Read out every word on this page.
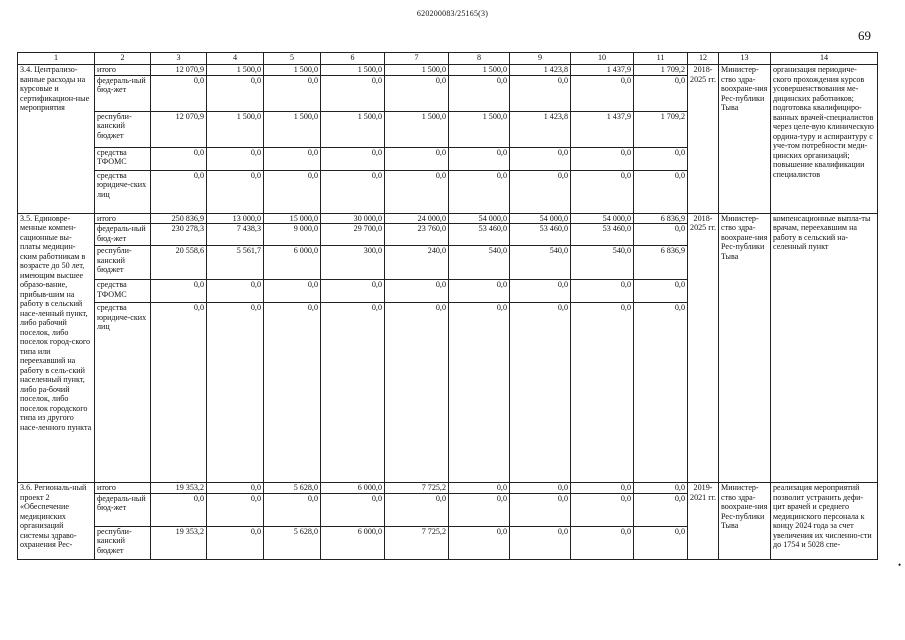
620200083/25165(3)
69
1	2	3	4	5	6	7	8	9	10	11	12	13	14
3.4. Централизо-ванные расходы на курсовые и сертификацион-ные мероприятия	итого	12 070,9	1 500,0	1 500,0	1 500,0	1 500,0	1 500,0	1 423,8	1 437,9	1 709,2	2018-2025 гг.	Министер-ство здра-воохране-ния Рес-публики Тыва	организация периодиче-ского прохождения курсов усовершенствования ме-дицинских работников; подготовка квалифициро-ванных врачей-специалистов через целе-вую клиническую ордина-туру и аспирантуру с уче-том потребности меди-цинских организаций; повышение квалификации специалистов
	федераль-ный бюд-жет	0,0	0,0	0,0	0,0	0,0	0,0	0,0	0,0	0,0			
	республи-канский бюджет	12 070,9	1 500,0	1 500,0	1 500,0	1 500,0	1 500,0	1 423,8	1 437,9	1 709,2			
	средства ТФОМС	0,0	0,0	0,0	0,0	0,0	0,0	0,0	0,0	0,0			
	средства юридиче-ских лиц	0,0	0,0	0,0	0,0	0,0	0,0	0,0	0,0	0,0			
3.5. Единовре-менные компен-сационные вы-платы медицин-ским работникам в возрасте до 50 лет, имеющим высшее образо-вание, прибыв-шим на работу в сельский насе-ленный пункт, либо рабочий поселок, либо поселок город-ского типа или переехавший на работу в сель-ский населенный пункт, либо ра-бочий поселок, либо поселок городского типа из другого насе-ленного пункта	итого	250 836,9	13 000,0	15 000,0	30 000,0	24 000,0	54 000,0	54 000,0	54 000,0	6 836,9	2018-2025 гг.	Министер-ство здра-воохране-ния Рес-публики Тыва	компенсационные выпла-ты врачам, переехавшим на работу в сельский на-селенный пункт
	федераль-ный бюд-жет	230 278,3	7 438,3	9 000,0	29 700,0	23 760,0	53 460,0	53 460,0	53 460,0	0,0			
	республи-канский бюджет	20 558,6	5 561,7	6 000,0	300,0	240,0	540,0	540,0	540,0	6 836,9			
	средства ТФОМС	0,0	0,0	0,0	0,0	0,0	0,0	0,0	0,0	0,0			
	средства юридиче-ских лиц	0,0	0,0	0,0	0,0	0,0	0,0	0,0	0,0	0,0			
3.6. Региональ-ный проект 2 «Обеспечение медицинских организаций системы здраво-охранения Рес-	итого	19 353,2	0,0	5 628,0	6 000,0	7 725,2	0,0	0,0	0,0	0,0	2019-2021 гг.	Министер-ство здра-воохране-ния Рес-публики Тыва	реализация мероприятий позволит устранить дефи-цит врачей и среднего медицинского персонала к концу 2024 года за счет увеличения их численно-сти до 1754 и 5028 спе-
	федераль-ный бюд-жет	0,0	0,0	0,0	0,0	0,0	0,0	0,0	0,0	0,0			
	республи-канский бюджет	19 353,2	0,0	5 628,0	6 000,0	7 725,2	0,0	0,0	0,0	0,0			
•
